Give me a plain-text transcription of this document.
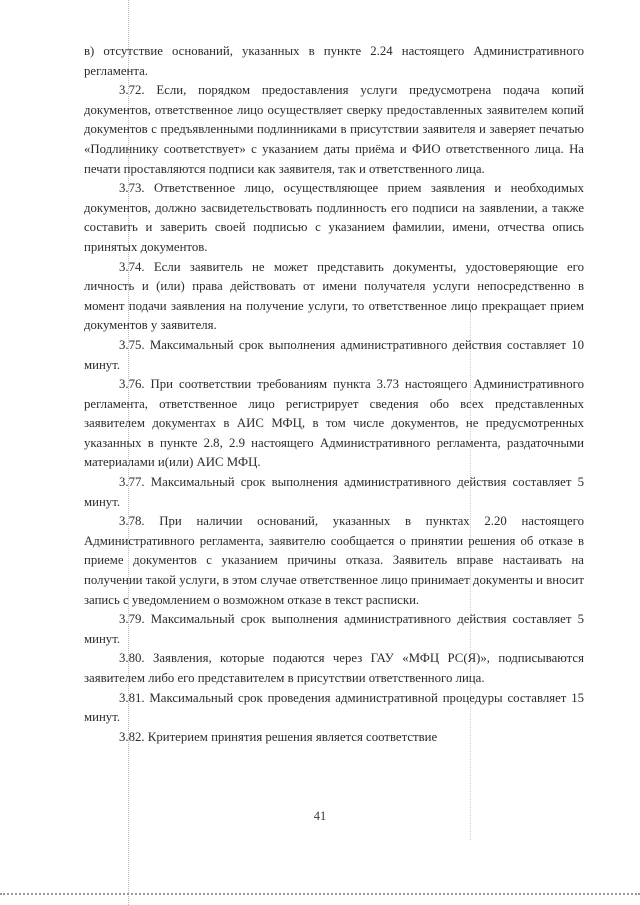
в) отсутствие оснований, указанных в пункте 2.24 настоящего Административного регламента.

3.72. Если, порядком предоставления услуги предусмотрена подача копий документов, ответственное лицо осуществляет сверку предоставленных заявителем копий документов с предъявленными подлинниками в присутствии заявителя и заверяет печатью «Подлиннику соответствует» с указанием даты приёма и ФИО ответственного лица. На печати проставляются подписи как заявителя, так и ответственного лица.

3.73. Ответственное лицо, осуществляющее прием заявления и необходимых документов, должно засвидетельствовать подлинность его подписи на заявлении, а также составить и заверить своей подписью с указанием фамилии, имени, отчества опись принятых документов.

3.74. Если заявитель не может представить документы, удостоверяющие его личность и (или) права действовать от имени получателя услуги непосредственно в момент подачи заявления на получение услуги, то ответственное лицо прекращает прием документов у заявителя.

3.75. Максимальный срок выполнения административного действия составляет 10 минут.

3.76. При соответствии требованиям пункта 3.73 настоящего Административного регламента, ответственное лицо регистрирует сведения обо всех представленных заявителем документах в АИС МФЦ, в том числе документов, не предусмотренных указанных в пункте 2.8, 2.9 настоящего Административного регламента, раздаточными материалами и(или) АИС МФЦ.

3.77. Максимальный срок выполнения административного действия составляет 5 минут.

3.78. При наличии оснований, указанных в пунктах 2.20 настоящего Административного регламента, заявителю сообщается о принятии решения об отказе в приеме документов с указанием причины отказа. Заявитель вправе настаивать на получении такой услуги, в этом случае ответственное лицо принимает документы и вносит запись с уведомлением о возможном отказе в текст расписки.

3.79. Максимальный срок выполнения административного действия составляет 5 минут.

3.80. Заявления, которые подаются через ГАУ «МФЦ РС(Я)», подписываются заявителем либо его представителем в присутствии ответственного лица.

3.81. Максимальный срок проведения административной процедуры составляет 15 минут.

3.82. Критерием принятия решения является соответствие

41
